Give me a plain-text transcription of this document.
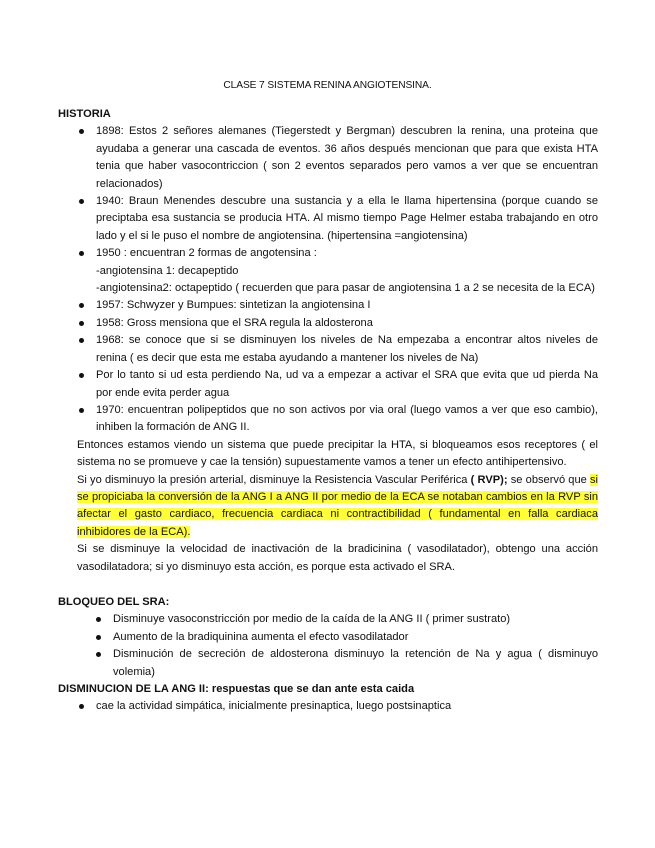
CLASE 7 SISTEMA RENINA ANGIOTENSINA.
HISTORIA
1898: Estos 2 señores alemanes (Tiegerstedt y Bergman) descubren la renina, una proteina que ayudaba a generar una cascada de eventos. 36 años después mencionan que para que exista HTA tenia que haber vasocontriccion ( son 2 eventos separados pero vamos a ver que se encuentran relacionados)
1940: Braun Menendes descubre una sustancia y a ella le llama hipertensina (porque cuando se preciptaba esa sustancia se producia HTA. Al mismo tiempo Page Helmer estaba trabajando en otro lado y el si le puso el nombre de angiotensina. (hipertensina =angiotensina)
1950 : encuentran 2 formas de angotensina :
-angiotensina 1: decapeptido
-angiotensina2: octapeptido ( recuerden que para pasar de angiotensina 1 a 2 se necesita de la ECA)
1957: Schwyzer y Bumpues: sintetizan la angiotensina I
1958: Gross mensiona que el SRA regula la aldosterona
1968: se conoce que si se disminuyen los niveles de Na empezaba a encontrar altos niveles de renina ( es decir que esta me estaba ayudando a mantener los niveles de Na)
Por lo tanto si ud esta perdiendo Na, ud va a empezar a activar el SRA que evita que ud pierda Na por ende evita perder agua
1970: encuentran polipeptidos que no son activos por via oral (luego vamos a ver que eso cambio), inhiben la formación de ANG II.

Entonces estamos viendo un sistema que puede precipitar la HTA, si bloqueamos esos receptores ( el sistema no se promueve y cae la tensión) supuestamente vamos a tener un efecto antihipertensivo.

Si yo disminuyo la presión arterial, disminuye la Resistencia Vascular Periférica ( RVP); se observó que si se propiciaba la conversión de la ANG I a ANG II por medio de la ECA se notaban cambios en la RVP sin afectar el gasto cardiaco, frecuencia cardiaca ni contractibilidad ( fundamental en falla cardiaca inhibidores de la ECA).

Si se disminuye la velocidad de inactivación de la bradicinina ( vasodilatador), obtengo una acción vasodilatadora; si yo disminuyo esta acción, es porque esta activado el SRA.

BLOQUEO DEL SRA:
Disminuye vasoconstricción por medio de la caída de la ANG II ( primer sustrato)
Aumento de la bradiquinina aumenta el efecto vasodilatador
Disminución de secreción de aldosterona disminuyo la retención de Na y agua ( disminuyo volemia)
DISMINUCION DE LA ANG II: respuestas que se dan ante esta caida
cae la actividad simpática, inicialmente presinaptica, luego postsinaptica
